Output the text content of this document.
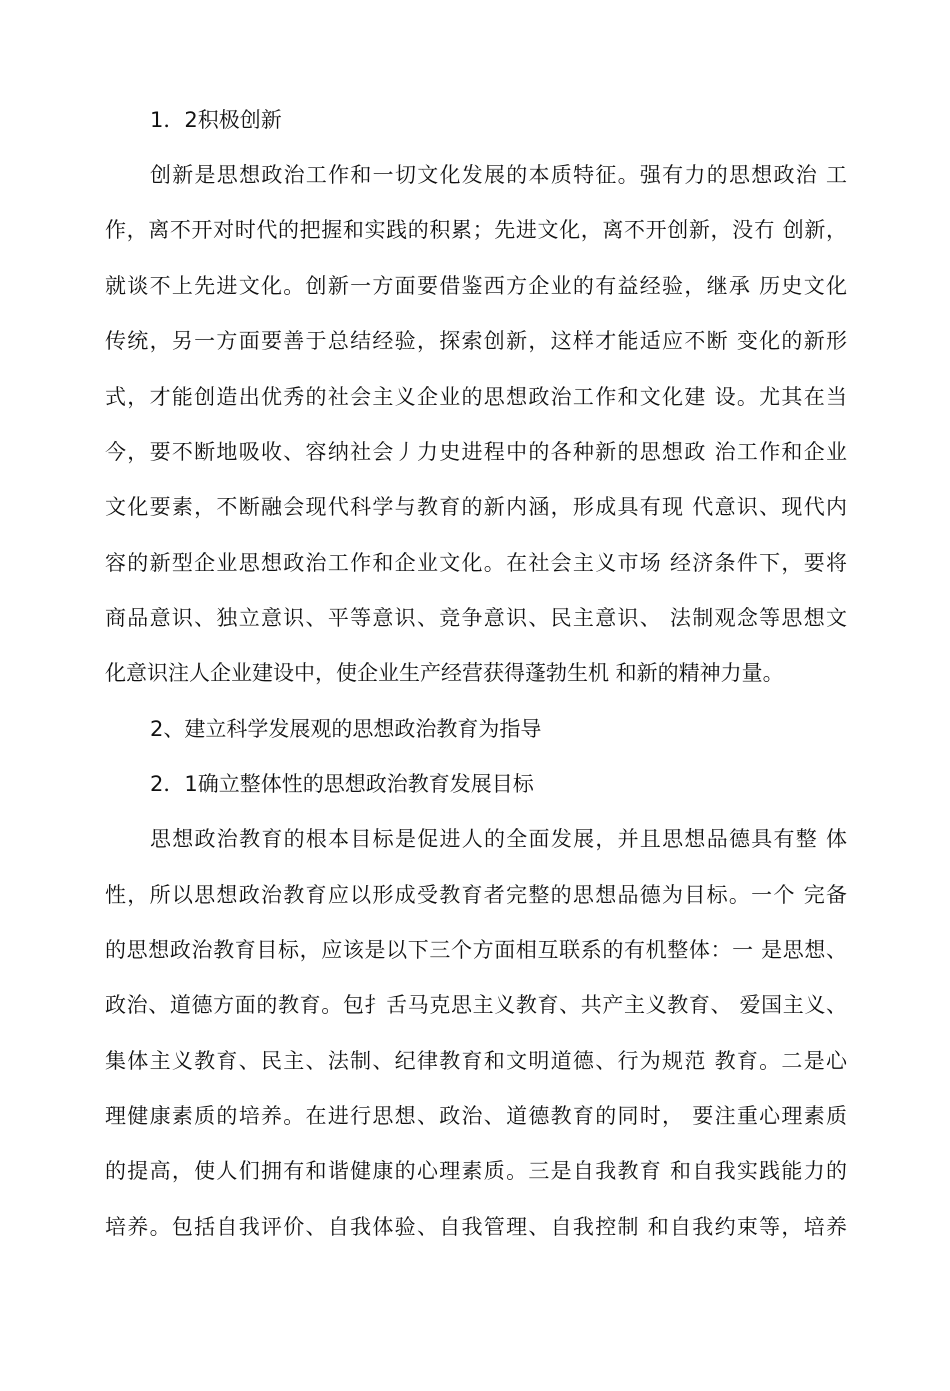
1．2积极创新
创新是思想政治工作和一切文化发展的本质特征。强有力的思想政治 工
作，离不开对时代的把握和实践的积累；先进文化，离不开创新，没冇 创新，
就谈不上先进文化。创新一方面要借鉴西方企业的有益经验，继承 历史文化
传统，另一方面要善于总结经验，探索创新，这样才能适应不断 变化的新形
式，才能创造出优秀的社会主义企业的思想政治工作和文化建 设。尤其在当
今，要不断地吸收、容纳社会丿力史进程中的各种新的思想政 治工作和企业
文化要素，不断融会现代科学与教育的新内涵，形成具有现 代意识、现代内
容的新型企业思想政治工作和企业文化。在社会主义市场 经济条件下，要将
商品意识、独立意识、平等意识、竞争意识、民主意识、 法制观念等思想文
化意识注人企业建设中，使企业生产经营获得蓬勃生机 和新的精神力量。
2、建立科学发展观的思想政治教育为指导
2．1确立整体性的思想政治教育发展目标
思想政治教育的根本目标是促进人的全面发展，并且思想品德具有整 体
性，所以思想政治教育应以形成受教育者完整的思想品德为目标。一个 完备
的思想政治教育目标，应该是以下三个方面相互联系的有机整体：一 是思想、
政治、道德方面的教育。包扌舌马克思主义教育、共产主义教育、 爱国主义、
集体主义教育、民主、法制、纪律教育和文明道德、行为规范 教育。二是心
理健康素质的培养。在进行思想、政治、道德教育的同时， 要注重心理素质
的提高，使人们拥有和谐健康的心理素质。三是自我教育 和自我实践能力的
培养。包括自我评价、自我体验、自我管理、自我控制 和自我约束等，培养
